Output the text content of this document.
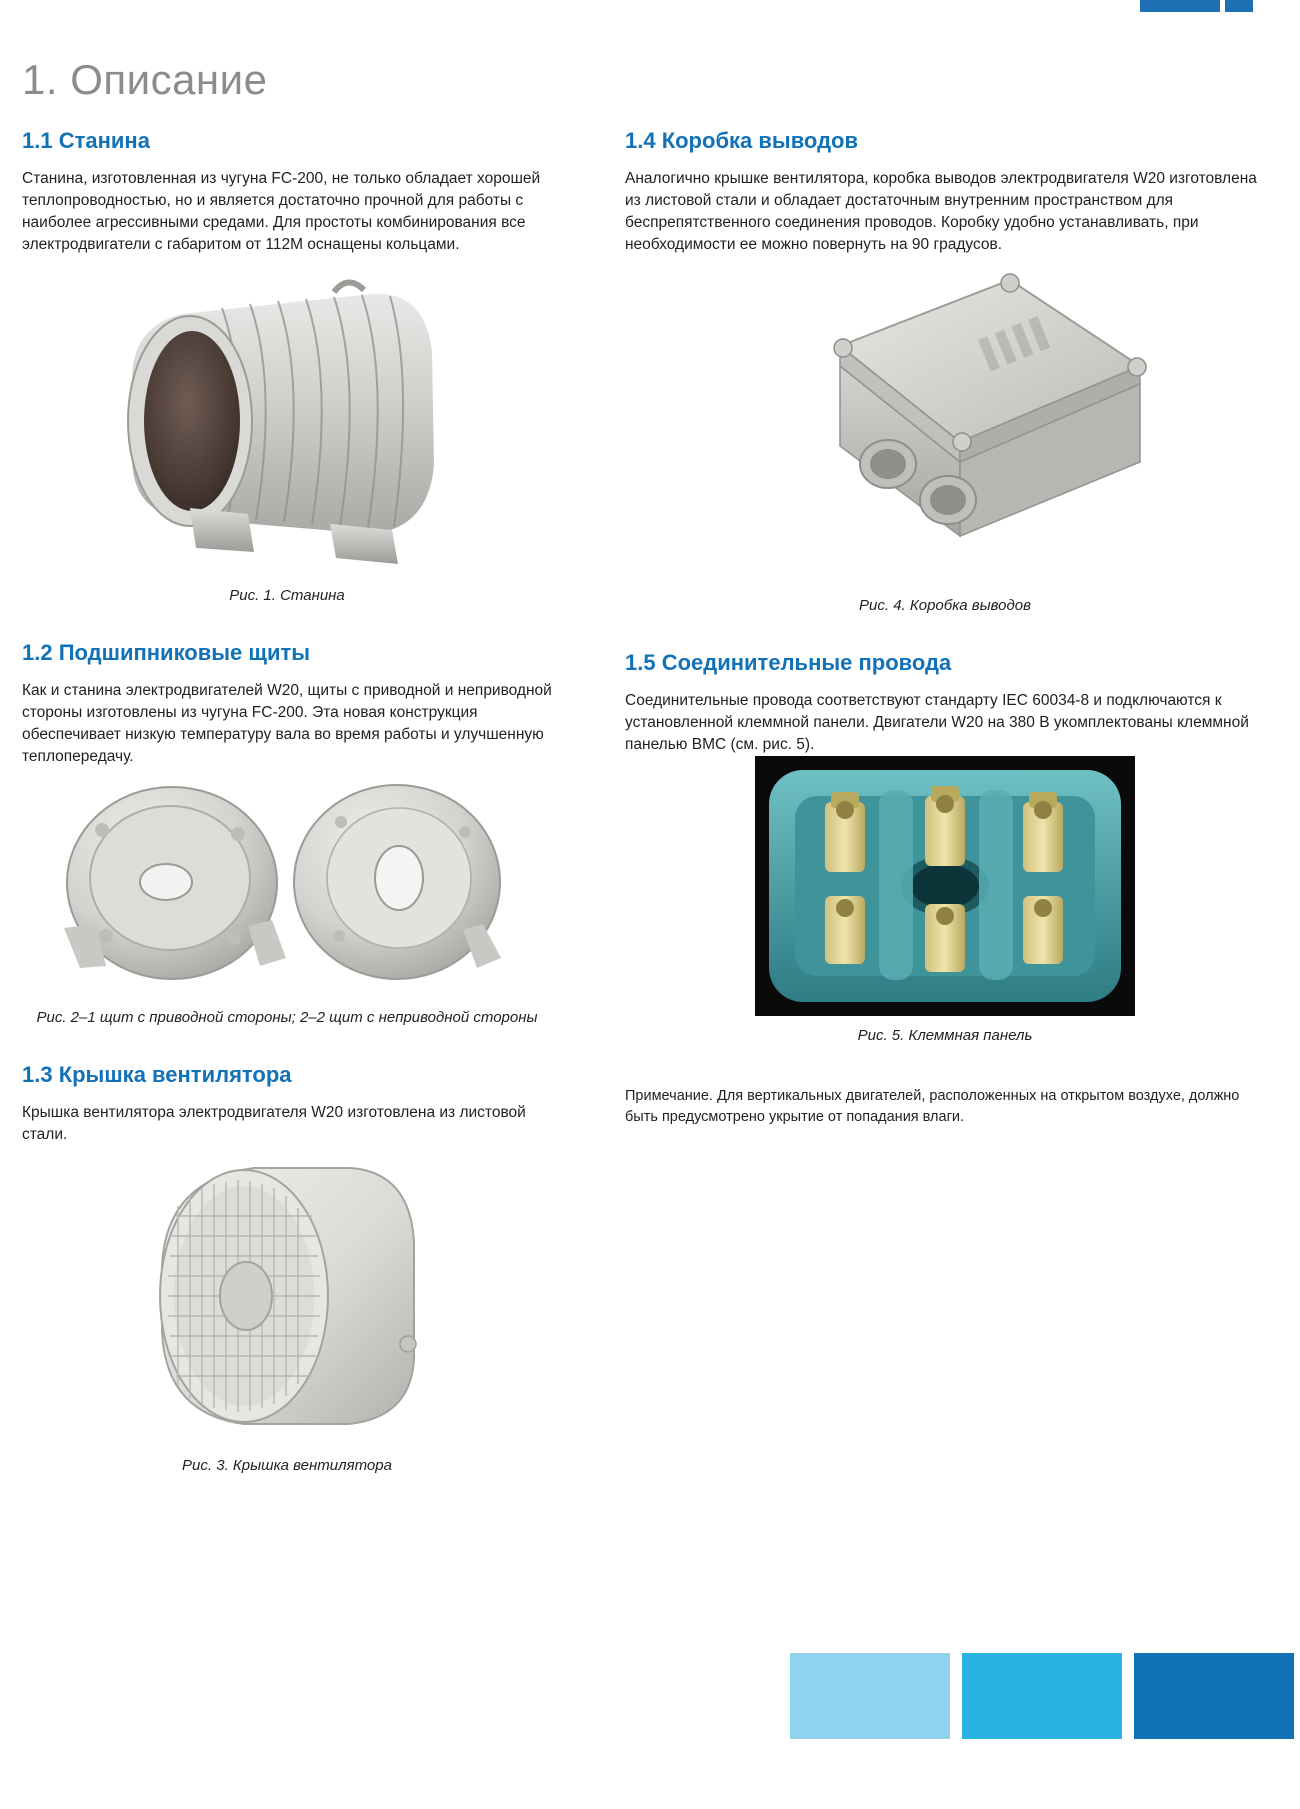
1. Описание
1.1 Станина

Станина, изготовленная из чугуна FC-200, не только обладает хорошей теплопроводностью, но и является достаточно прочной для работы с наиболее агрессивными средами. Для простоты комбинирования все электродвигатели с габаритом от 112M оснащены кольцами.

Рис. 1. Станина
1.2 Подшипниковые щиты

Как и станина электродвигателей W20, щиты с приводной и неприводной стороны изготовлены из чугуна FC-200. Эта новая конструкция обеспечивает низкую температуру вала во время работы и улучшенную теплопередачу.

Рис. 2–1 щит с приводной стороны; 2–2 щит с неприводной стороны
1.3 Крышка вентилятора

Крышка вентилятора электродвигателя W20 изготовлена из листовой стали.

Рис. 3. Крышка вентилятора
1.4 Коробка выводов

Аналогично крышке вентилятора, коробка выводов электродвигателя W20 изготовлена из листовой стали и обладает достаточным внутренним пространством для беспрепятственного соединения проводов. Коробку удобно устанавливать, при необходимости ее можно повернуть на 90 градусов.

Рис. 4. Коробка выводов
1.5 Соединительные провода

Соединительные провода соответствуют стандарту IEC 60034-8 и подключаются к установленной клеммной панели. Двигатели W20 на 380 В укомплектованы клеммной панелью BMC (см. рис. 5).

Рис. 5. Клеммная панель

Примечание. Для вертикальных двигателей, расположенных на открытом воздухе, должно быть предусмотрено укрытие от попадания влаги.
